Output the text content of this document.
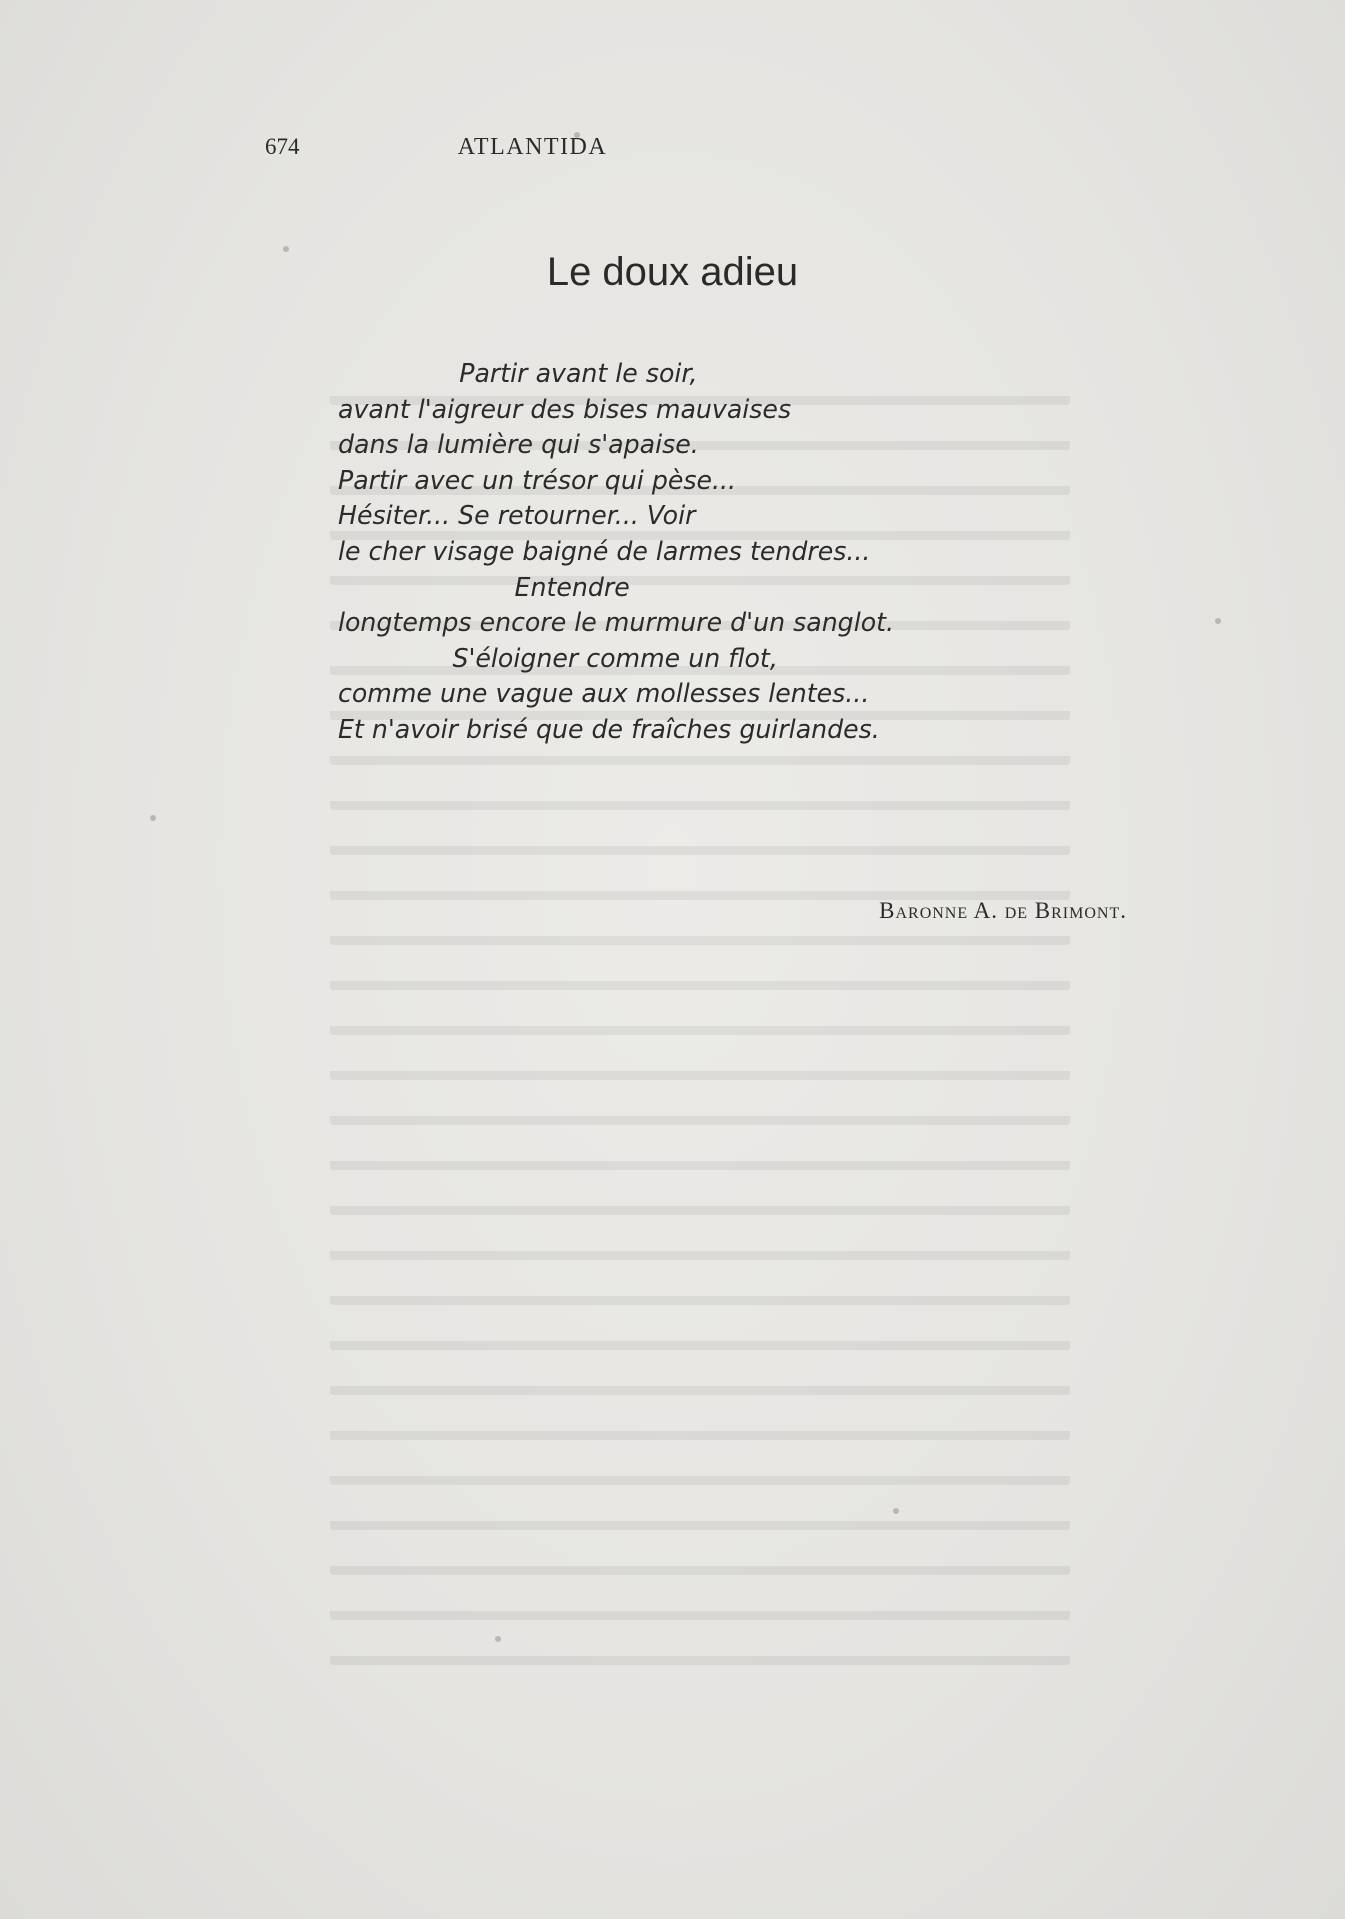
674	ATLANTIDA
Le doux adieu
Partir avant le soir,
avant l'aigreur des bises mauvaises
dans la lumière qui s'apaise.
Partir avec un trésor qui pèse...
Hésiter... Se retourner... Voir
le cher visage baigné de larmes tendres...
Entendre
longtemps encore le murmure d'un sanglot.
S'éloigner comme un flot,
comme une vague aux mollesses lentes...
Et n'avoir brisé que de fraîches guirlandes.
Baronne A. de Brimont.
